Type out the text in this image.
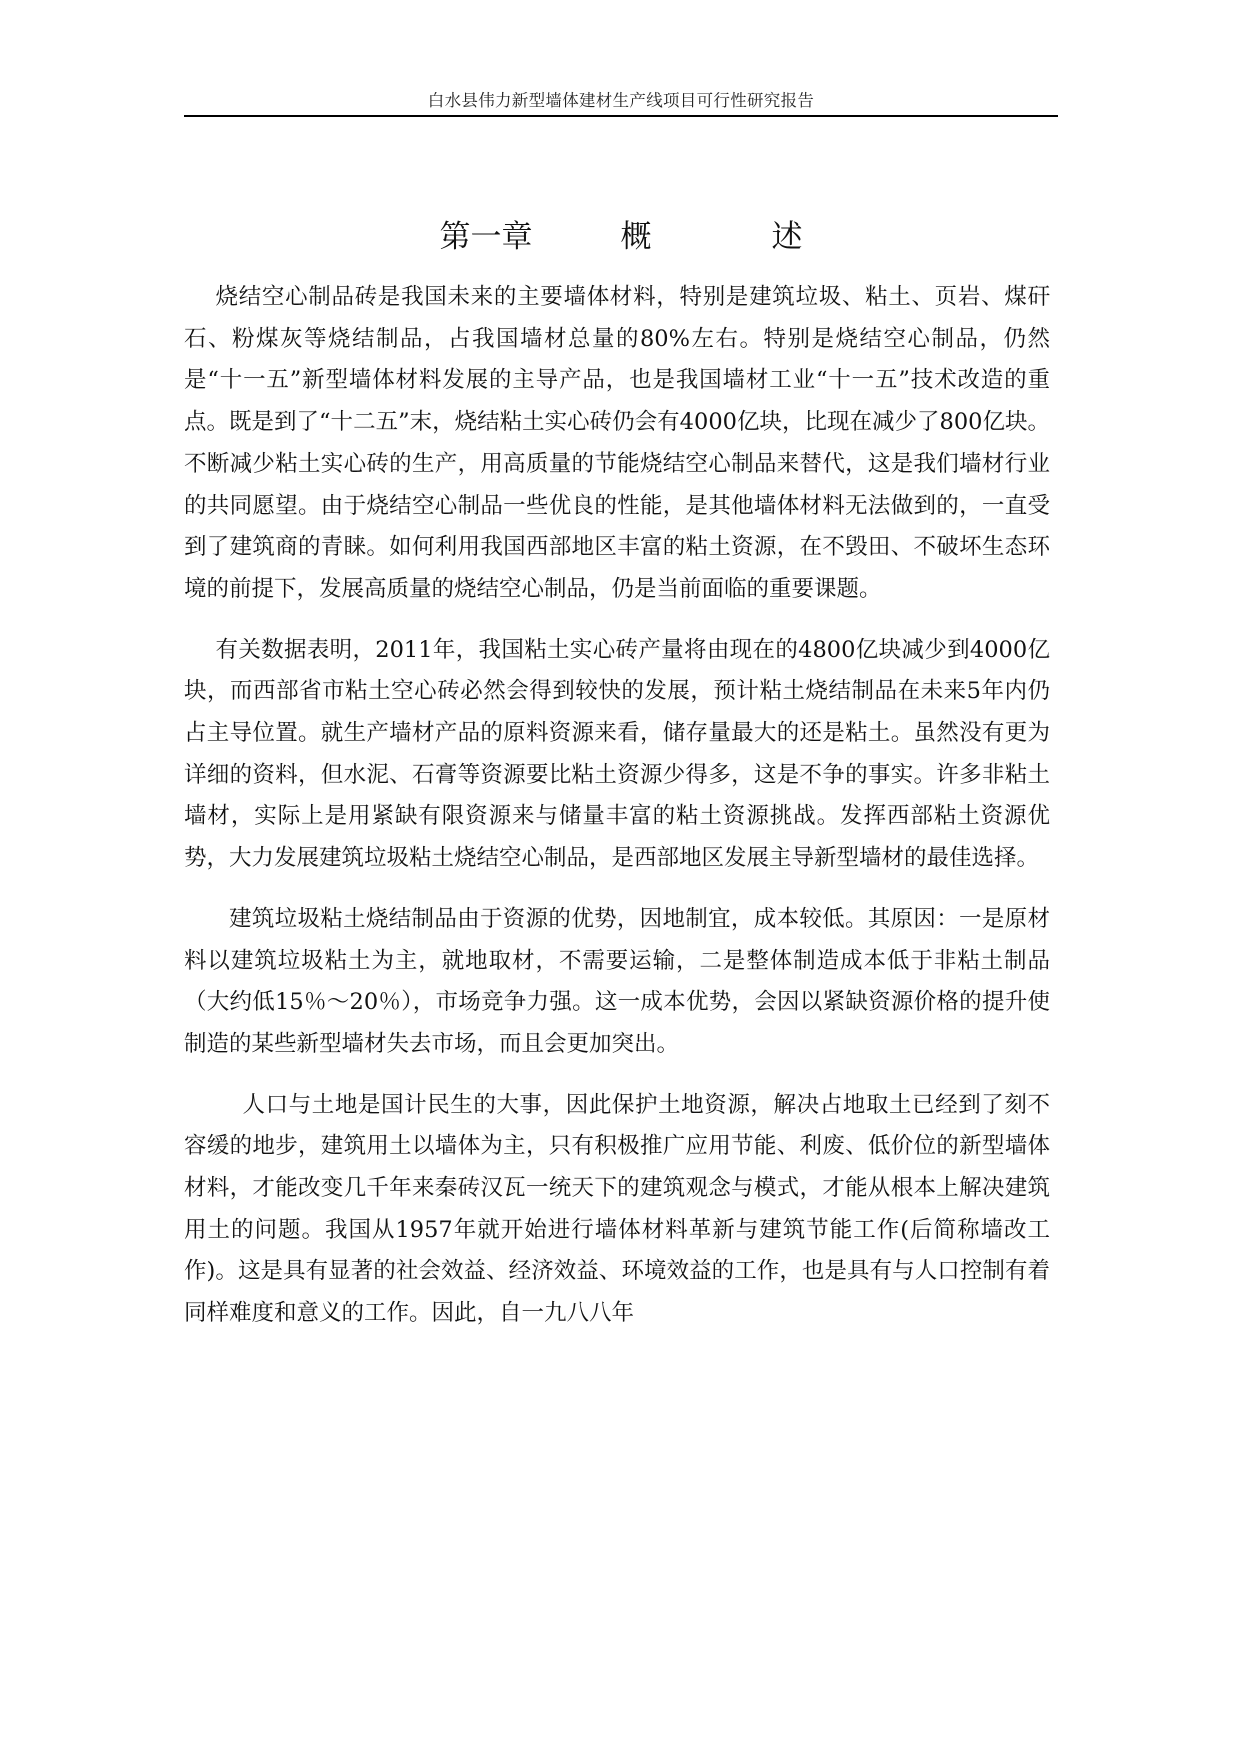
白水县伟力新型墙体建材生产线项目可行性研究报告
第一章	概	述

烧结空心制品砖是我国未来的主要墙体材料，特别是建筑垃圾、粘土、页岩、煤矸石、粉煤灰等烧结制品，占我国墙材总量的80%左右。特别是烧结空心制品，仍然是“十一五”新型墙体材料发展的主导产品，也是我国墙材工业“十一五”技术改造的重点。既是到了“十二五”末，烧结粘土实心砖仍会有4000亿块，比现在减少了800亿块。不断减少粘土实心砖的生产，用高质量的节能烧结空心制品来替代，这是我们墙材行业的共同愿望。由于烧结空心制品一些优良的性能，是其他墙体材料无法做到的，一直受到了建筑商的青睐。如何利用我国西部地区丰富的粘土资源，在不毁田、不破坏生态环境的前提下，发展高质量的烧结空心制品，仍是当前面临的重要课题。

有关数据表明，2011年，我国粘土实心砖产量将由现在的4800亿块减少到4000亿块，而西部省市粘土空心砖必然会得到较快的发展，预计粘土烧结制品在未来5年内仍占主导位置。就生产墙材产品的原料资源来看，储存量最大的还是粘土。虽然没有更为详细的资料，但水泥、石膏等资源要比粘土资源少得多，这是不争的事实。许多非粘土墙材，实际上是用紧缺有限资源来与储量丰富的粘土资源挑战。发挥西部粘土资源优势，大力发展建筑垃圾粘土烧结空心制品，是西部地区发展主导新型墙材的最佳选择。

建筑垃圾粘土烧结制品由于资源的优势，因地制宜，成本较低。其原因：一是原材料以建筑垃圾粘土为主，就地取材，不需要运输，二是整体制造成本低于非粘土制品（大约低15％～20％），市场竞争力强。这一成本优势，会因以紧缺资源价格的提升使制造的某些新型墙材失去市场，而且会更加突出。

人口与土地是国计民生的大事，因此保护土地资源，解决占地取土已经到了刻不容缓的地步，建筑用土以墙体为主，只有积极推广应用节能、利废、低价位的新型墙体材料，才能改变几千年来秦砖汉瓦一统天下的建筑观念与模式，才能从根本上解决建筑用土的问题。我国从1957年就开始进行墙体材料革新与建筑节能工作(后简称墙改工作)。这是具有显著的社会效益、经济效益、环境效益的工作，也是具有与人口控制有着同样难度和意义的工作。因此，自一九八八年
